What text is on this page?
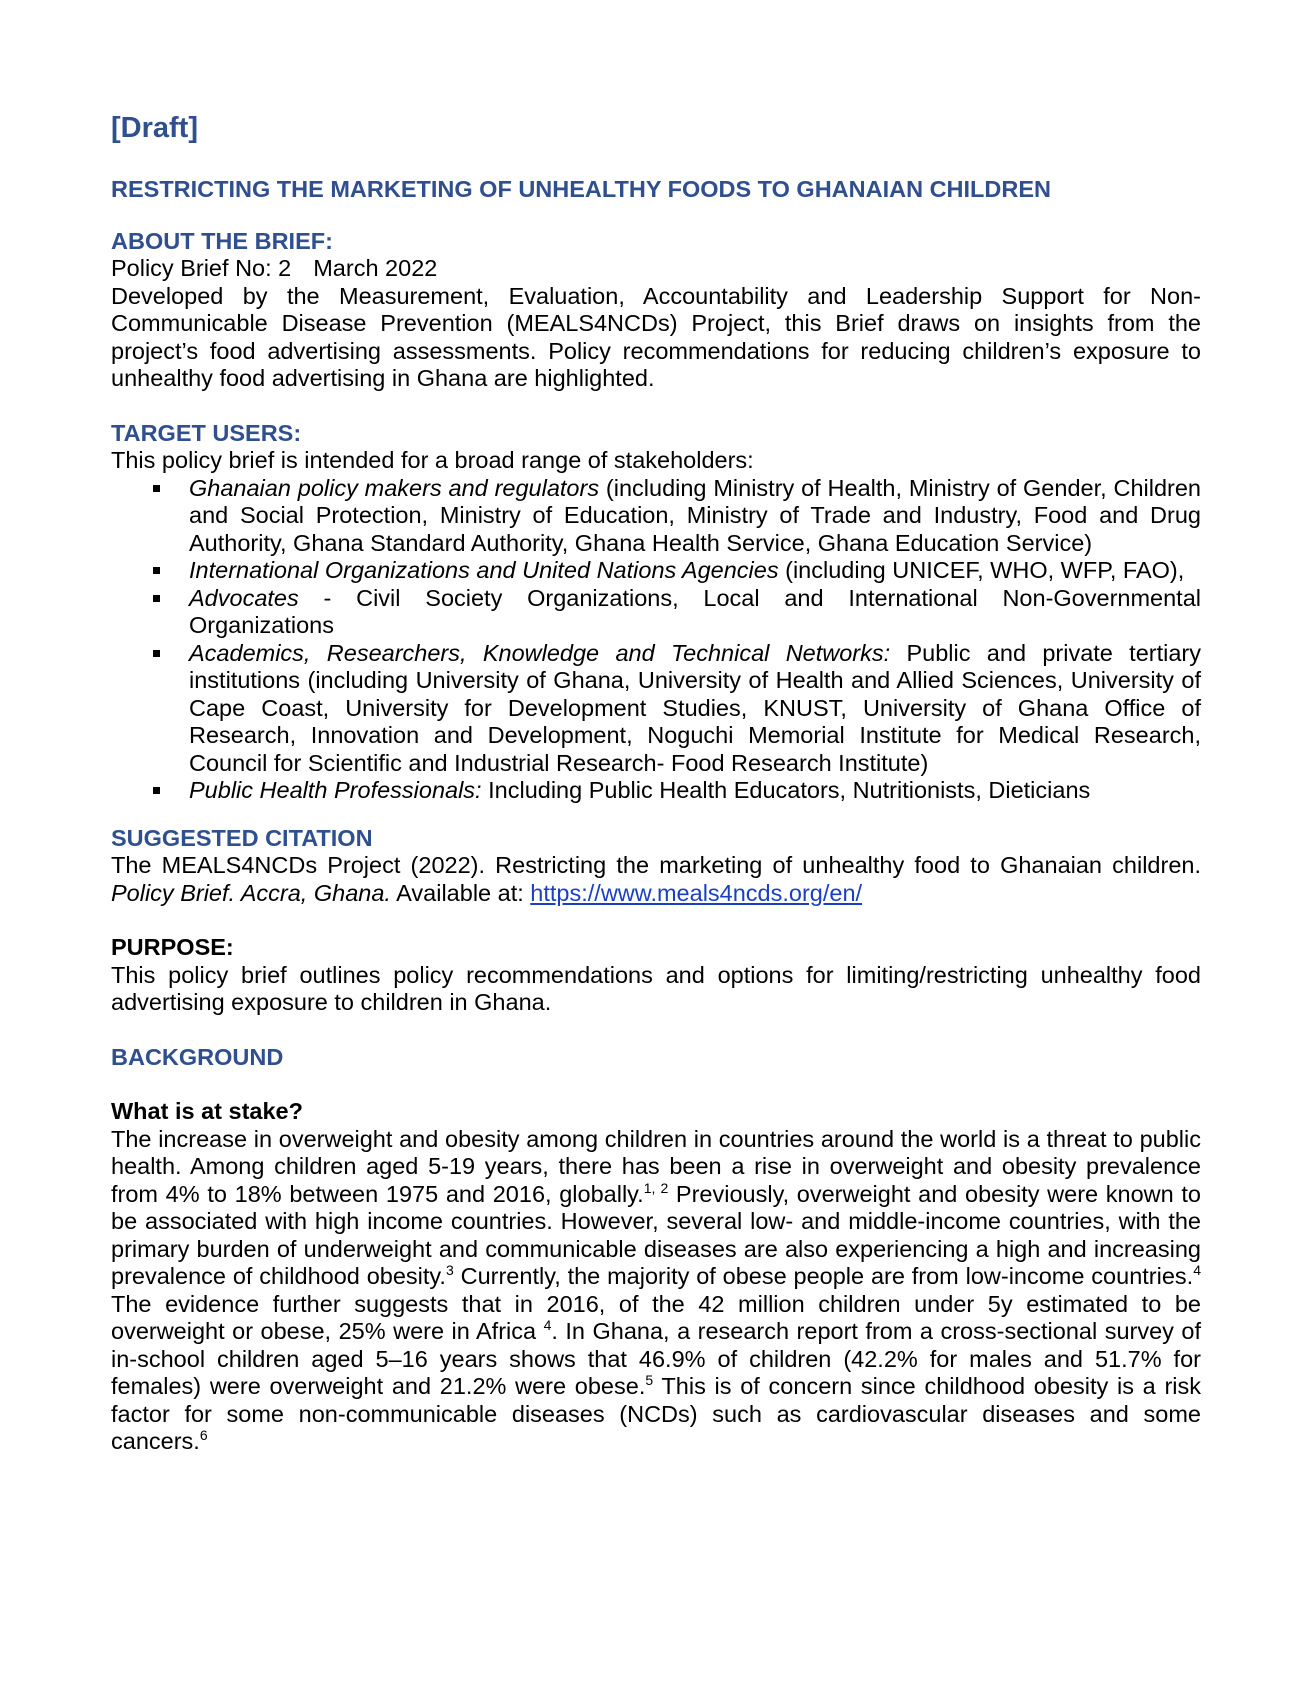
[Draft]
RESTRICTING THE MARKETING OF UNHEALTHY FOODS TO GHANAIAN CHILDREN
ABOUT THE BRIEF:

Policy Brief No: 2 March 2022

Developed by the Measurement, Evaluation, Accountability and Leadership Support for Non-Communicable Disease Prevention (MEALS4NCDs) Project, this Brief draws on insights from the project’s food advertising assessments. Policy recommendations for reducing children’s exposure to unhealthy food advertising in Ghana are highlighted.

TARGET USERS:

This policy brief is intended for a broad range of stakeholders:

Ghanaian policy makers and regulators (including Ministry of Health, Ministry of Gender, Children and Social Protection, Ministry of Education, Ministry of Trade and Industry, Food and Drug Authority, Ghana Standard Authority, Ghana Health Service, Ghana Education Service)
International Organizations and United Nations Agencies (including UNICEF, WHO, WFP, FAO),
Advocates - Civil Society Organizations, Local and International Non-Governmental Organizations
Academics, Researchers, Knowledge and Technical Networks: Public and private tertiary institutions (including University of Ghana, University of Health and Allied Sciences, University of Cape Coast, University for Development Studies, KNUST, University of Ghana Office of Research, Innovation and Development, Noguchi Memorial Institute for Medical Research, Council for Scientific and Industrial Research- Food Research Institute)
Public Health Professionals: Including Public Health Educators, Nutritionists, Dieticians
SUGGESTED CITATION

The MEALS4NCDs Project (2022). Restricting the marketing of unhealthy food to Ghanaian children. Policy Brief. Accra, Ghana. Available at: https://www.meals4ncds.org/en/

PURPOSE:

This policy brief outlines policy recommendations and options for limiting/restricting unhealthy food advertising exposure to children in Ghana.

BACKGROUND
What is at stake?

The increase in overweight and obesity among children in countries around the world is a threat to public health. Among children aged 5-19 years, there has been a rise in overweight and obesity prevalence from 4% to 18% between 1975 and 2016, globally.$^{1, 2}$ Previously, overweight and obesity were known to be associated with high income countries. However, several low- and middle-income countries, with the primary burden of underweight and communicable diseases are also experiencing a high and increasing prevalence of childhood obesity.$^3$ Currently, the majority of obese people are from low-income countries.$^4$ The evidence further suggests that in 2016, of the 42 million children under 5y estimated to be overweight or obese, 25% were in Africa $^4$. In Ghana, a research report from a cross-sectional survey of in-school children aged 5–16 years shows that 46.9% of children (42.2% for males and 51.7% for females) were overweight and 21.2% were obese.$^5$ This is of concern since childhood obesity is a risk factor for some non-communicable diseases (NCDs) such as cardiovascular diseases and some cancers.$^6$
